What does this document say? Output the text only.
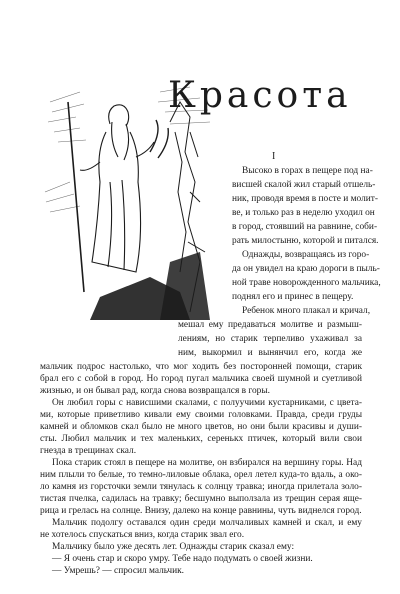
Красота
I
Высоко в горах в пещере под на-
висшей скалой жил старый отшель-
ник, проводя время в посте и молит-
ве, и только раз в неделю уходил он
в город, стоявший на равнине, соби-
рать милостыню, которой и питался.
Однажды, возвращаясь из горо-
да он увидел на краю дороги в пыль-
ной траве новорожденного мальчика,
поднял его и принес в пещеру.
Ребенок много плакал и кричал,
мешал ему предаваться молитве и размыш-
лениям, но старик терпеливо ухаживал за
ним, выкормил и вынянчил его, когда же
мальчик подрос настолько, что мог ходить без посторонней помощи, старик
брал его с собой в город. Но город пугал мальчика своей шумной и суетливой
жизнью, и он бывал рад, когда снова возвращался в горы.
Он любил горы с нависшими скалами, с полуучими кустарниками, с цвета-
ми, которые приветливо кивали ему своими головками. Правда, среди груды
камней и обломков скал было не много цветов, но они были красивы и души-
сты. Любил мальчик и тех маленьких, серенькх птичек, который вили свои
гнезда в трещинах скал.
Пока старик стоял в пещере на молитве, он взбирался на вершину горы. Над
ним плыли то белые, то темно-лиловые облака, орел летел куда-то вдаль, а око-
ло камня из горсточки земли тянулась к солнцу травка; иногда прилетала золо-
тистая пчелка, садилась на травку; бесшумно выползала из трещин серая яще-
рица и грелась на солнце. Внизу, далеко на конце равнины, чуть виднелся город.
Мальчик подолгу оставался один среди молчаливых камней и скал, и ему
не хотелось спускаться вниз, когда старик звал его.
Мальчику было уже десять лет. Однажды старик сказал ему:
— Я очень стар и скоро умру. Тебе надо подумать о своей жизни.
— Умрешь? — спросил мальчик.
